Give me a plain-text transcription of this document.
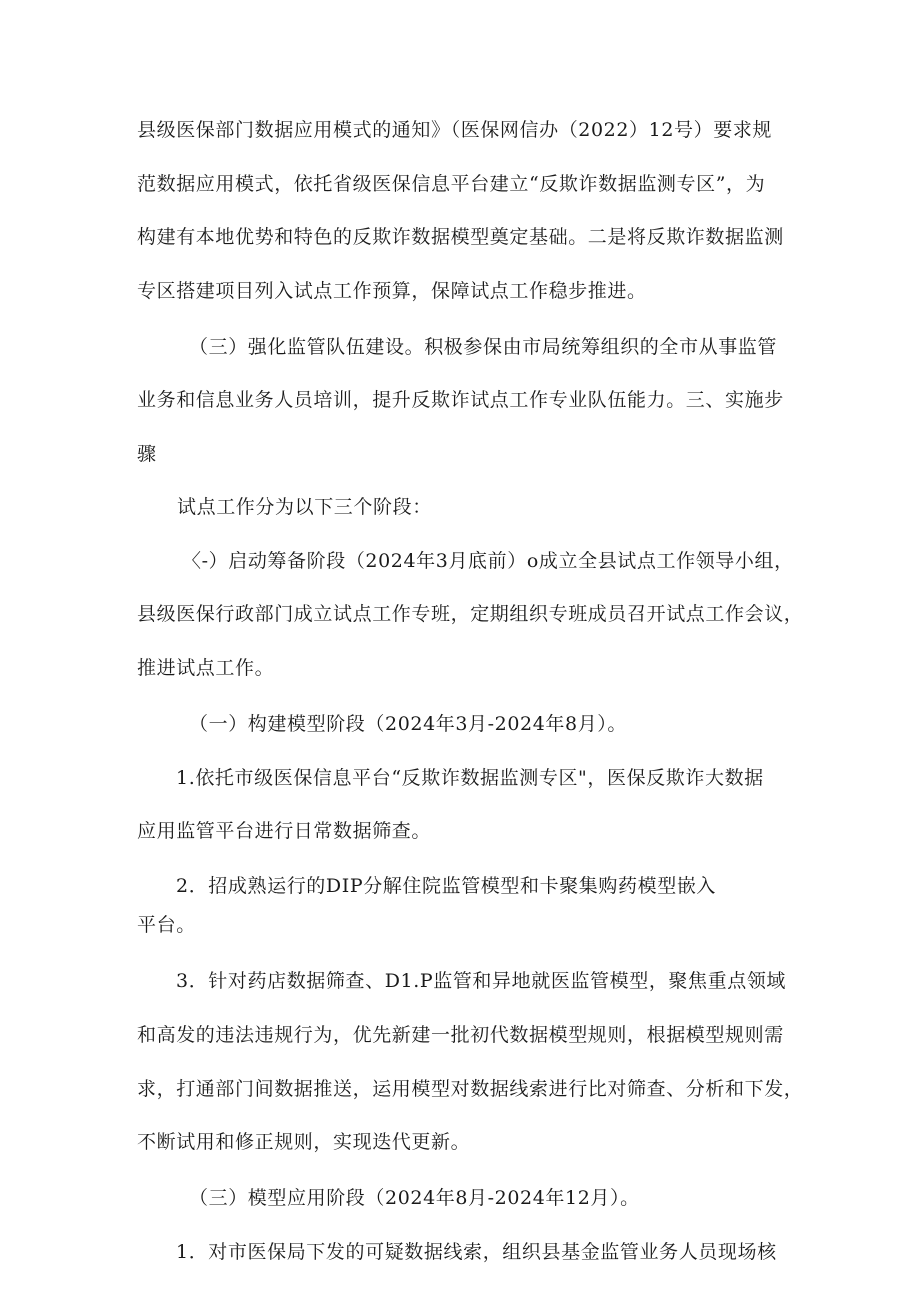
县级医保部门数据应用模式的通知》（医保网信办（2022）12号）要求规
范数据应用模式，依托省级医保信息平台建立“反欺诈数据监测专区”，为
构建有本地优势和特色的反欺诈数据模型奠定基础。二是将反欺诈数据监测
专区搭建项目列入试点工作预算，保障试点工作稳步推进。
（三）强化监管队伍建设。积极参保由市局统筹组织的全市从事监管
业务和信息业务人员培训，提升反欺诈试点工作专业队伍能力。三、实施步
骤
试点工作分为以下三个阶段：
〈-）启动筹备阶段（2024年3月底前）o成立全县试点工作领导小组，
县级医保行政部门成立试点工作专班，定期组织专班成员召开试点工作会议，
推进试点工作。
（一）构建模型阶段（2024年3月-2024年8月）。
1.依托市级医保信息平台“反欺诈数据监测专区"，医保反欺诈大数据
应用监管平台进行日常数据筛查。
2．招成熟运行的DIP分解住院监管模型和卡聚集购药模型嵌入
平台。
3．针对药店数据筛查、D1.P监管和异地就医监管模型，聚焦重点领域
和高发的违法违规行为，优先新建一批初代数据模型规则，根据模型规则需
求，打通部门间数据推送，运用模型对数据线索进行比对筛查、分析和下发，
不断试用和修正规则，实现迭代更新。
（三）模型应用阶段（2024年8月-2024年12月）。
1．对市医保局下发的可疑数据线索，组织县基金监管业务人员现场核
